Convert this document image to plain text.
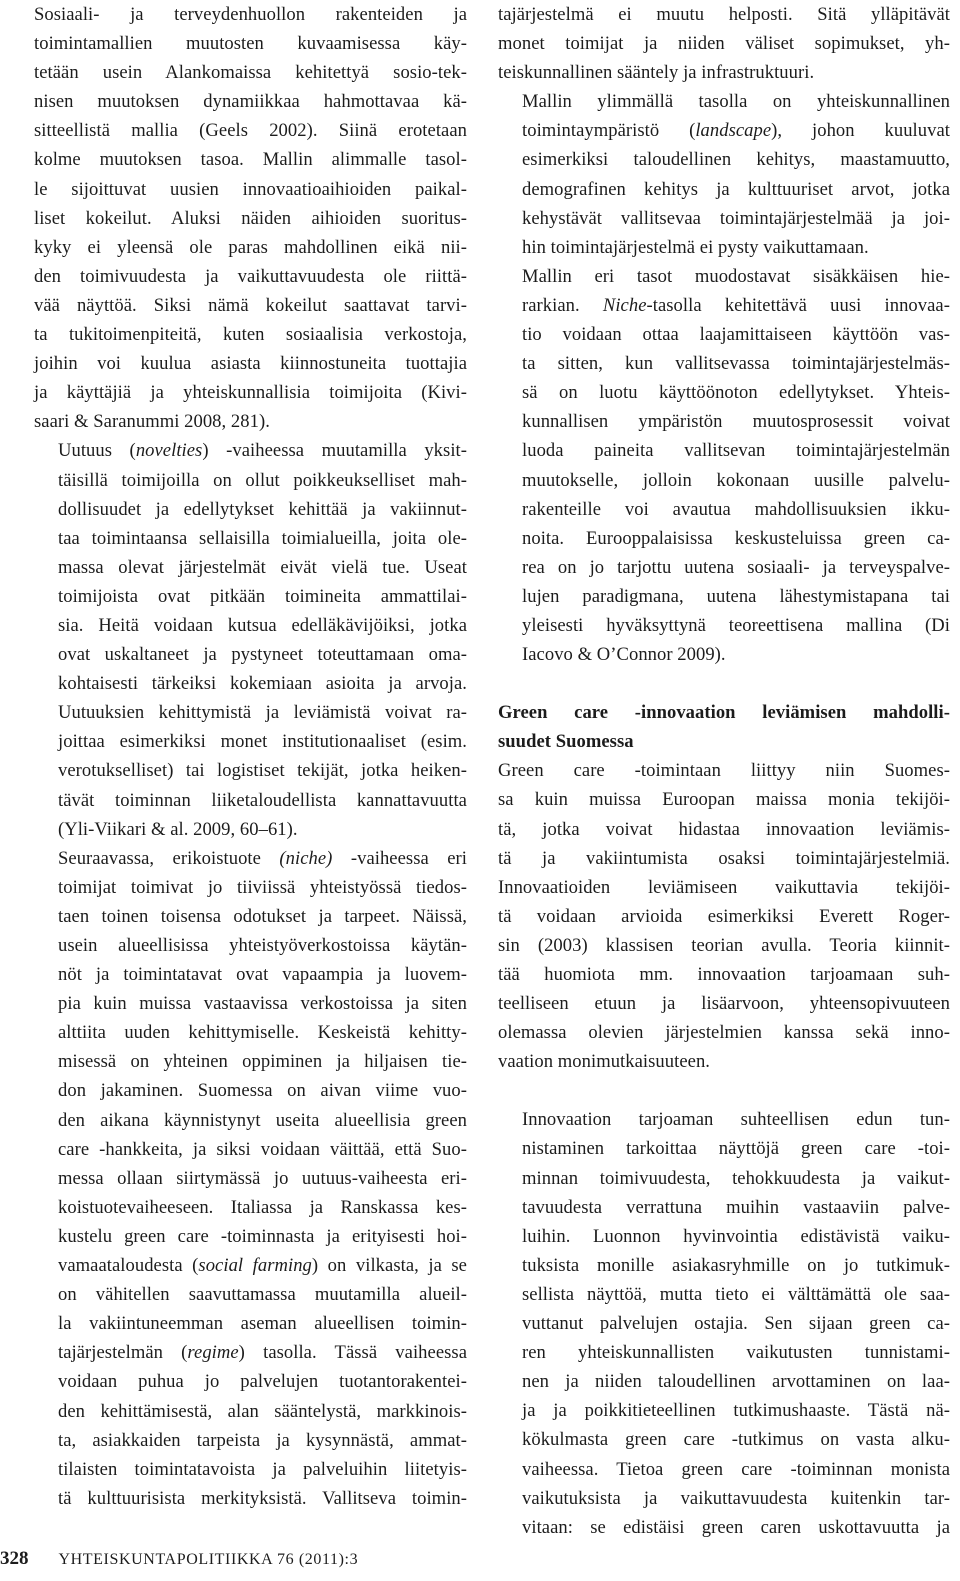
Sosiaali- ja terveydenhuollon rakenteiden ja
toimintamallien muutosten kuvaamisessa käy-
tetään usein Alankomaissa kehitettyä sosio-tek-
nisen muutoksen dynamiikkaa hahmottavaa kä-
sitteellistä mallia (Geels 2002). Siinä erotetaan
kolme muutoksen tasoa. Mallin alimmalle tasol-
le sijoittuvat uusien innovaatioaihioiden paikal-
liset kokeilut. Aluksi näiden aihioiden suoritus-
kyky ei yleensä ole paras mahdollinen eikä nii-
den toimivuudesta ja vaikuttavuudesta ole riittä-
vää näyttöä. Siksi nämä kokeilut saattavat tarvi-
ta tukitoimenpiteitä, kuten sosiaalisia verkostoja,
joihin voi kuulua asiasta kiinnostuneita tuottajia
ja käyttäjiä ja yhteiskunnallisia toimijoita (Kivi-
saari & Saranummi 2008, 281).

Uutuus (novelties) -vaiheessa muutamilla yksit-
täisillä toimijoilla on ollut poikkeukselliset mah-
dollisuudet ja edellytykset kehittää ja vakiinnut-
taa toimintaansa sellaisilla toimialueilla, joita ole-
massa olevat järjestelmät eivät vielä tue. Useat
toimijoista ovat pitkään toimineita ammattilai-
sia. Heitä voidaan kutsua edelläkävijöiksi, jotka
ovat uskaltaneet ja pystyneet toteuttamaan oma-
kohtaisesti tärkeiksi kokemiaan asioita ja arvoja.
Uutuuksien kehittymistä ja leviämistä voivat ra-
joittaa esimerkiksi monet institutionaaliset (esim.
verotukselliset) tai logistiset tekijät, jotka heiken-
tävät toiminnan liiketaloudellista kannattavuutta
(Yli-Viikari & al. 2009, 60–61).

Seuraavassa, erikoistuote (niche) -vaiheessa eri
toimijat toimivat jo tiiviissä yhteistyössä tiedos-
taen toinen toisensa odotukset ja tarpeet. Näissä,
usein alueellisissa yhteistyöverkostoissa käytän-
nöt ja toimintatavat ovat vapaampia ja luovem-
pia kuin muissa vastaavissa verkostoissa ja siten
alttiita uuden kehittymiselle. Keskeistä kehitty-
misessä on yhteinen oppiminen ja hiljaisen tie-
don jakaminen. Suomessa on aivan viime vuo-
den aikana käynnistynyt useita alueellisia green
care -hankkeita, ja siksi voidaan väittää, että Suo-
messa ollaan siirtymässä jo uutuus-vaiheesta eri-
koistuotevaiheeseen. Italiassa ja Ranskassa kes-
kustelu green care -toiminnasta ja erityisesti hoi-
vamaataloudesta (social farming) on vilkasta, ja se
on vähitellen saavuttamassa muutamilla alueil-
la vakiintuneemman aseman alueellisen toimin-
tajärjestelmän (regime) tasolla. Tässä vaiheessa
voidaan puhua jo palvelujen tuotantorakentei-
den kehittämisestä, alan sääntelystä, markkinois-
ta, asiakkaiden tarpeista ja kysynnästä, ammat-
tilaisten toimintatavoista ja palveluihin liitetyis-
tä kulttuurisista merkityksistä. Vallitseva toimin-

tajärjestelmä ei muutu helposti. Sitä ylläpitävät
monet toimijat ja niiden väliset sopimukset, yh-
teiskunnallinen sääntely ja infrastruktuuri.

Mallin ylimmällä tasolla on yhteiskunnallinen
toimintaympäristö (landscape), johon kuuluvat
esimerkiksi taloudellinen kehitys, maastamuutto,
demografinen kehitys ja kulttuuriset arvot, jotka
kehystävät vallitsevaa toimintajärjestelmää ja joi-
hin toimintajärjestelmä ei pysty vaikuttamaan.

Mallin eri tasot muodostavat sisäkkäisen hie-
rarkian. Niche-tasolla kehitettävä uusi innovaa-
tio voidaan ottaa laajamittaiseen käyttöön vas-
ta sitten, kun vallitsevassa toimintajärjestelmäs-
sä on luotu käyttöönoton edellytykset. Yhteis-
kunnallisen ympäristön muutosprosessit voivat
luoda paineita vallitsevan toimintajärjestelmän
muutokselle, jolloin kokonaan uusille palvelu-
rakenteille voi avautua mahdollisuuksien ikku-
noita. Eurooppalaisissa keskusteluissa green ca-
rea on jo tarjottu uutena sosiaali- ja terveyspalve-
lujen paradigmana, uutena lähestymistapana tai
yleisesti hyväksyttynä teoreettisena mallina (Di
Iacovo & O’Connor 2009).

Green care -innovaation leviämisen mahdolli-
suudet Suomessa

Green care -toimintaan liittyy niin Suomes-
sa kuin muissa Euroopan maissa monia tekijöi-
tä, jotka voivat hidastaa innovaation leviämis-
tä ja vakiintumista osaksi toimintajärjestelmiä.
Innovaatioiden leviämiseen vaikuttavia tekijöi-
tä voidaan arvioida esimerkiksi Everett Roger-
sin (2003) klassisen teorian avulla. Teoria kiinnit-
tää huomiota mm. innovaation tarjoamaan suh-
teelliseen etuun ja lisäarvoon, yhteensopivuuteen
olemassa olevien järjestelmien kanssa sekä inno-
vaation monimutkaisuuteen.

Innovaation tarjoaman suhteellisen edun tun-
nistaminen tarkoittaa näyttöjä green care -toi-
minnan toimivuudesta, tehokkuudesta ja vaikut-
tavuudesta verrattuna muihin vastaaviin palve-
luihin. Luonnon hyvinvointia edistävistä vaiku-
tuksista monille asiakasryhmille on jo tutkimuk-
sellista näyttöä, mutta tieto ei välttämättä ole saa-
vuttanut palvelujen ostajia. Sen sijaan green ca-
ren yhteiskunnallisten vaikutusten tunnistami-
nen ja niiden taloudellinen arvottaminen on laa-
ja ja poikkitieteellinen tutkimushaaste. Tästä nä-
kökulmasta green care -tutkimus on vasta alku-
vaiheessa. Tietoa green care -toiminnan monista
vaikutuksista ja vaikuttavuudesta kuitenkin tar-
vitaan: se edistäisi green caren uskottavuutta ja

328 YHTEISKUNTAPOLITIIKKA 76 (2011):3
